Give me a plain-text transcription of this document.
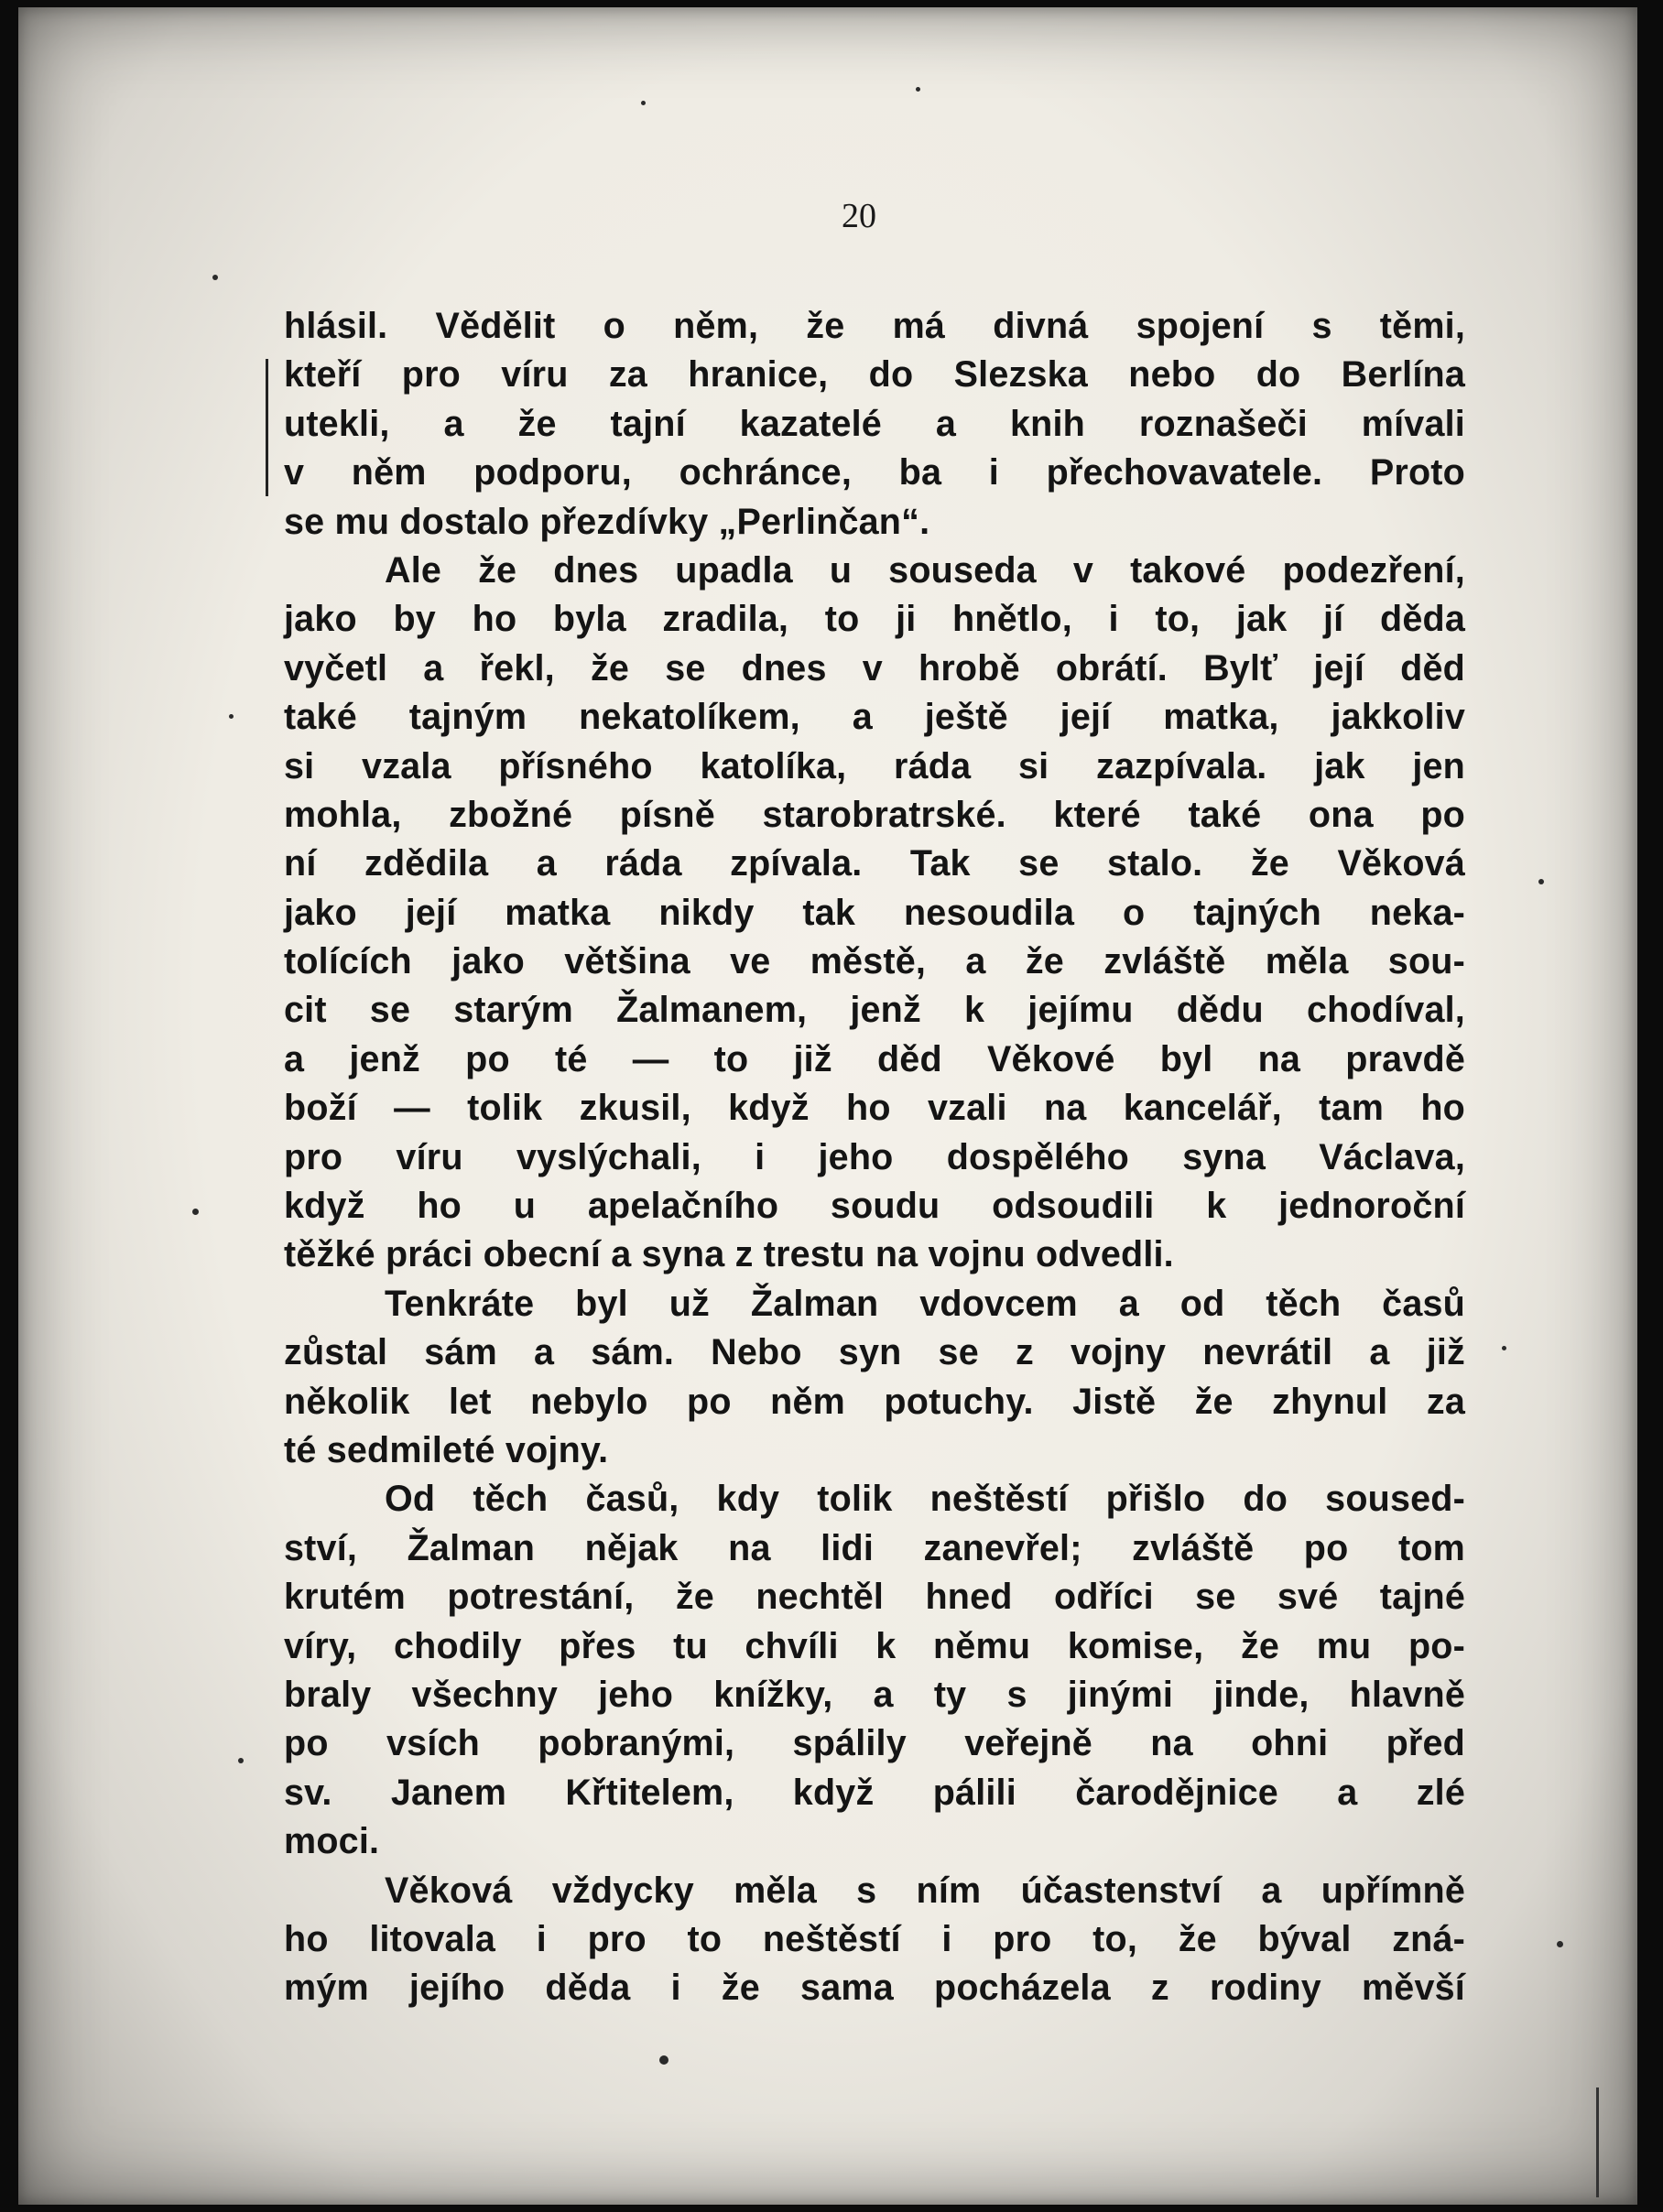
20
hlásil. Vědělit o něm, že má divná spojení s těmi,
kteří pro víru za hranice, do Slezska nebo do Berlína
utekli, a že tajní kazatelé a knih roznašeči mívali
v něm podporu, ochránce, ba i přechovavatele. Proto
se mu dostalo přezdívky „Perlinčan“.
Ale že dnes upadla u souseda v takové podezření,
jako by ho byla zradila, to ji hnětlo, i to, jak jí děda
vyčetl a řekl, že se dnes v hrobě obrátí. Bylť její děd
také tajným nekatolíkem, a ještě její matka, jakkoliv
si vzala přísného katolíka, ráda si zazpívala. jak jen
mohla, zbožné písně starobratrské. které také ona po
ní zdědila a ráda zpívala. Tak se stalo. že Věková
jako její matka nikdy tak nesoudila o tajných neka-
tolících jako většina ve městě, a že zvláště měla sou-
cit se starým Žalmanem, jenž k jejímu dědu chodíval,
a jenž po té — to již děd Věkové byl na pravdě
boží — tolik zkusil, když ho vzali na kancelář, tam ho
pro víru vyslýchali, i jeho dospělého syna Václava,
když ho u apelačního soudu odsoudili k jednoroční
těžké práci obecní a syna z trestu na vojnu odvedli.
Tenkráte byl už Žalman vdovcem a od těch časů
zůstal sám a sám. Nebo syn se z vojny nevrátil a již
několik let nebylo po něm potuchy. Jistě že zhynul za
té sedmileté vojny.
Od těch časů, kdy tolik neštěstí přišlo do soused-
ství, Žalman nějak na lidi zanevřel; zvláště po tom
krutém potrestání, že nechtěl hned odříci se své tajné
víry, chodily přes tu chvíli k němu komise, že mu po-
braly všechny jeho knížky, a ty s jinými jinde, hlavně
po vsích pobranými, spálily veřejně na ohni před
sv. Janem Křtitelem, když pálili čarodějnice a zlé
moci.
Věková vždycky měla s ním účastenství a upřímně
ho litovala i pro to neštěstí i pro to, že býval zná-
mým jejího děda i že sama pocházela z rodiny měvší
